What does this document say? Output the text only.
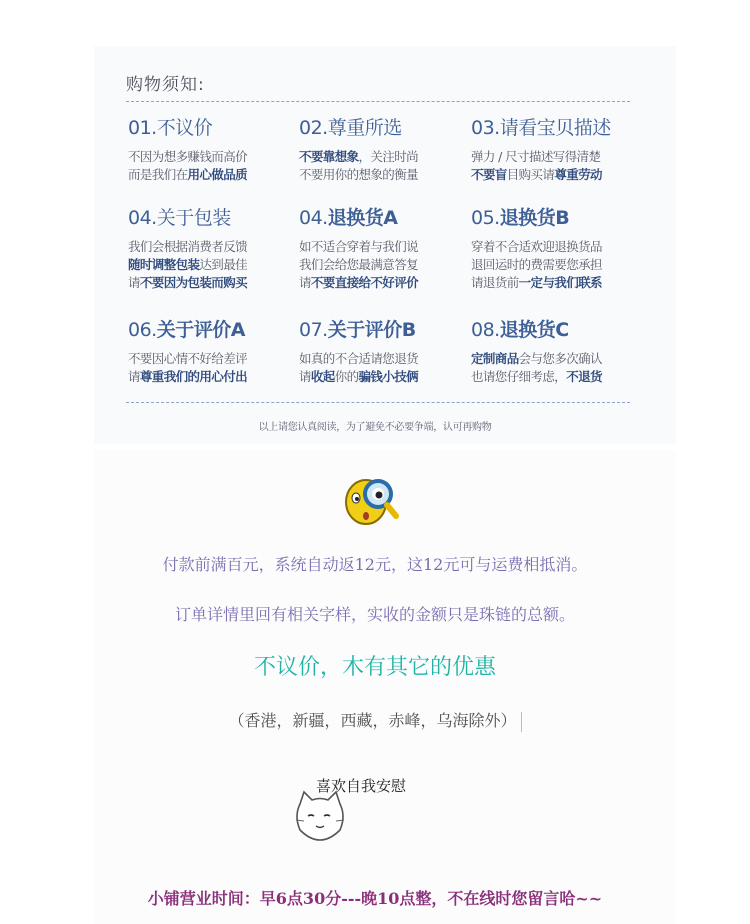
购物须知:
01.不议价
不因为想多赚钱而高价
而是我们在用心做品质
02.尊重所选
不要靠想象，关注时尚
不要用你的想象的衡量
03.请看宝贝描述
弹力 / 尺寸描述写得清楚
不要盲目购买请尊重劳动
04.关于包装
我们会根据消费者反馈
随时调整包装达到最佳
请不要因为包装而购买
04.退换货A
如不适合穿着与我们说
我们会给您最满意答复
请不要直接给不好评价
05.退换货B
穿着不合适欢迎退换货品
退回运时的费需要您承担
请退货前一定与我们联系
06.关于评价A
不要因心情不好给差评
请尊重我们的用心付出
07.关于评价B
如真的不合适请您退货
请收起你的骗钱小技俩
08.退换货C
定制商品会与您多次确认
也请您仔细考虑，不退货
以上请您认真阅读，为了避免不必要争端，认可再购物
付款前满百元，系统自动返12元，这12元可与运费相抵消。
订单详情里回有相关字样，实收的金额只是珠链的总额。
不议价，木有其它的优惠
（香港，新疆，西藏，赤峰，乌海除外）
喜欢自我安慰
小铺营业时间：早6点30分---晚10点整，不在线时您留言哈~~
